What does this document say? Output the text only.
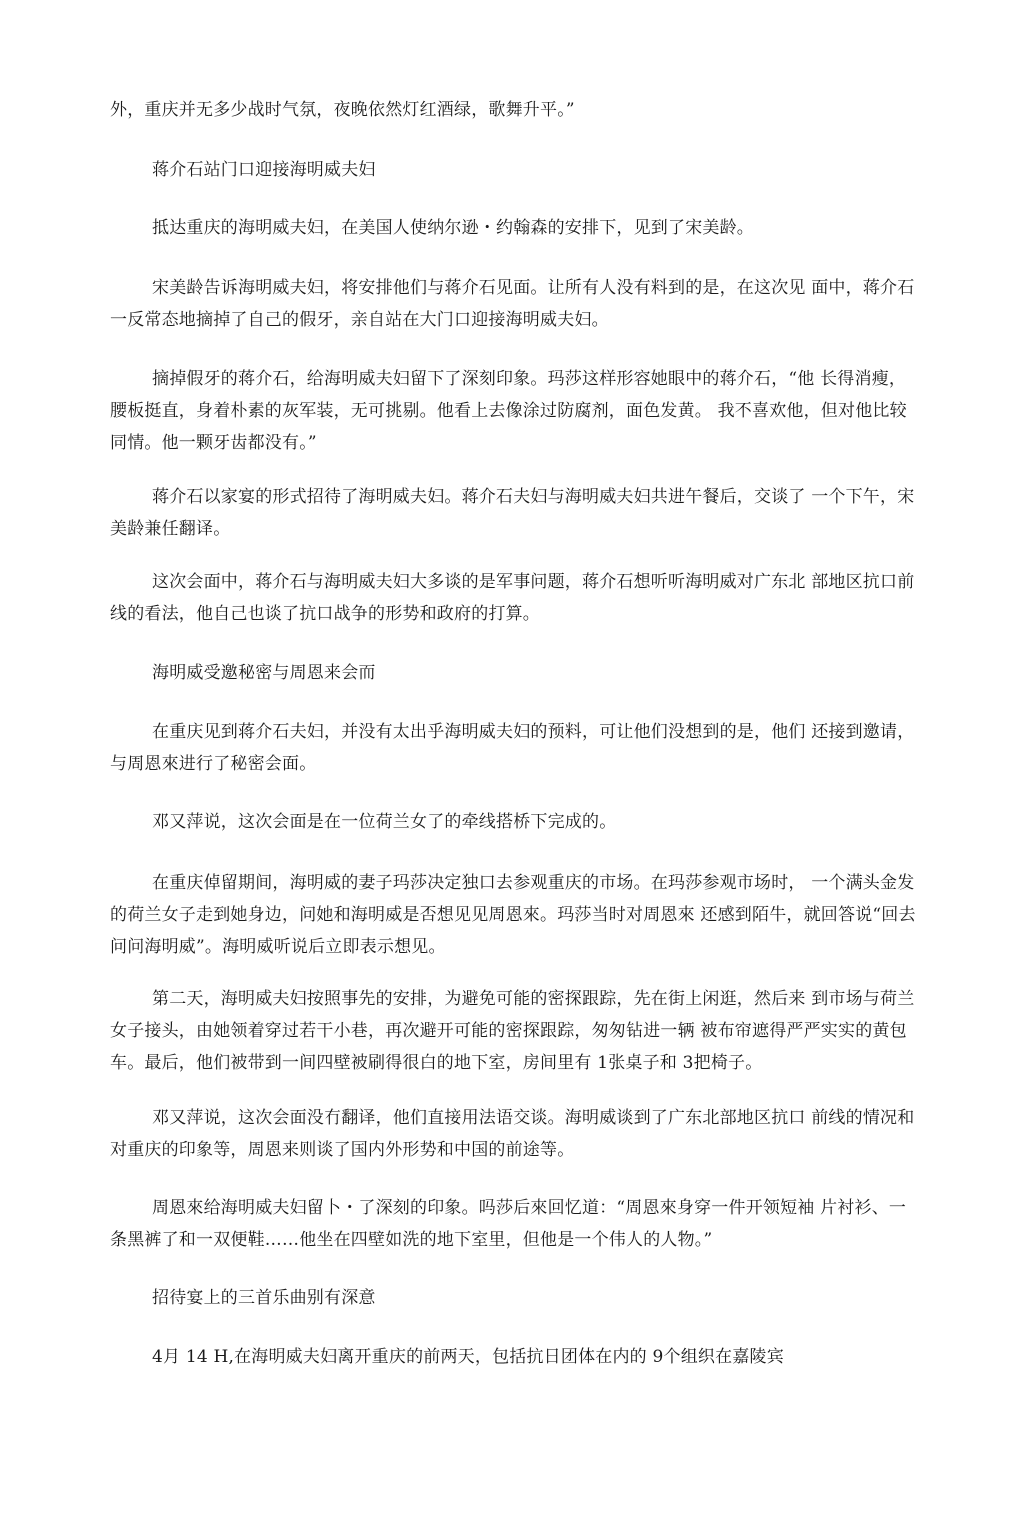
外，重庆并无多少战时气氛，夜晚依然灯红酒绿，歌舞升平。”

蒋介石站门口迎接海明威夫妇

抵达重庆的海明威夫妇，在美国人使纳尔逊・约翰森的安排下，见到了宋美龄。

宋美龄告诉海明威夫妇，将安排他们与蒋介石见面。让所有人没有料到的是，在这次见 面中，蒋介石一反常态地摘掉了自己的假牙，亲自站在大门口迎接海明威夫妇。

摘掉假牙的蒋介石，给海明威夫妇留下了深刻印象。玛莎这样形容她眼中的蒋介石，“他 长得消瘦，腰板挺直，身着朴素的灰军装，无可挑剔。他看上去像涂过防腐剂，面色发黄。 我不喜欢他，但对他比较同情。他一颗牙齿都没有。”

蒋介石以家宴的形式招待了海明威夫妇。蒋介石夫妇与海明威夫妇共进午餐后，交谈了 一个下午，宋美龄兼任翻译。

这次会面中，蒋介石与海明威夫妇大多谈的是军事问题，蒋介石想听听海明威对广东北 部地区抗口前线的看法，他自己也谈了抗口战争的形势和政府的打算。

海明威受邀秘密与周恩来会而

在重庆见到蒋介石夫妇，并没有太出乎海明威夫妇的预料，可让他们没想到的是，他们 还接到邀请，与周恩來进行了秘密会面。

邓又萍说，这次会面是在一位荷兰女了的牵线搭桥下完成的。

在重庆倬留期间，海明威的妻子玛莎决定独口去参观重庆的市场。在玛莎参观市场时， 一个满头金发的荷兰女子走到她身边，问她和海明威是否想见见周恩來。玛莎当时对周恩來 还感到陌牛，就回答说“回去问问海明威”。海明威听说后立即表示想见。

第二天，海明威夫妇按照事先的安排，为避免可能的密探跟踪，先在街上闲逛，然后来 到市场与荷兰女子接头，由她领着穿过若干小巷，再次避开可能的密探跟踪，匆匆钻进一辆 被布帘遮得严严实实的黄包车。最后，他们被带到一间四壁被刷得很白的地下室，房间里有 1张桌子和 3把椅子。

邓又萍说，这次会面没冇翻译，他们直接用法语交谈。海明威谈到了广东北部地区抗口 前线的情况和对重庆的印象等，周恩来则谈了国内外形势和中国的前途等。

周恩來给海明威夫妇留卜・了深刻的印象。吗莎后來回忆道：“周恩來身穿一件开领短袖 片衬衫、一条黑裤了和一双便鞋……他坐在四壁如洗的地下室里，但他是一个伟人的人物。”

招待宴上的三首乐曲别有深意

4月 14 H,在海明威夫妇离开重庆的前两天，包括抗日团体在内的 9个组织在嘉陵宾
